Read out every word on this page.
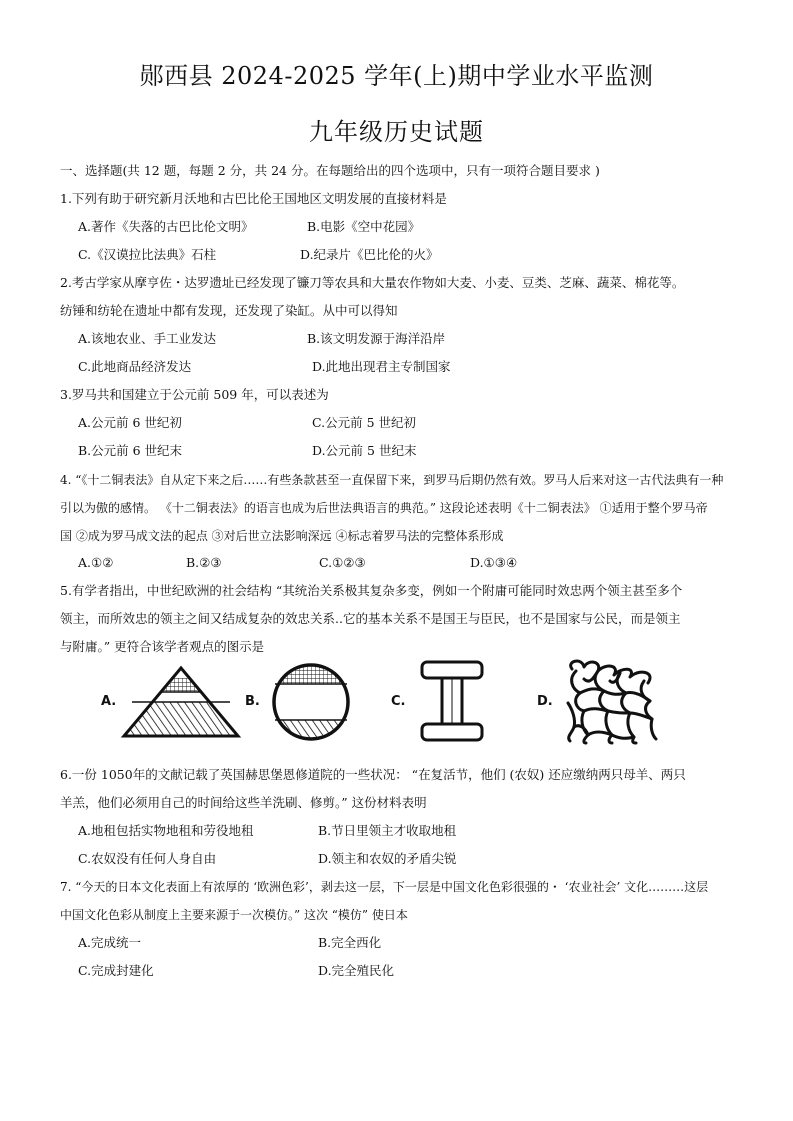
郧西县 2024-2025 学年(上)期中学业水平监测
九年级历史试题
一、选择题(共 12 题，每题 2 分，共 24 分。在每题给出的四个选项中，只有一项符合题目要求 )
1.下列有助于研究新月沃地和古巴比伦王国地区文明发展的直接材料是
A.著作《失落的古巴比伦文明》	B.电影《空中花园》
C.《汉谟拉比法典》石柱	D.纪录片《巴比伦的火》
2.考古学家从摩亨佐・达罗遗址已经发现了镰刀等农具和大量农作物如大麦、小麦、豆类、芝麻、蔬菜、棉花等。
纺锤和纺轮在遗址中都有发现，还发现了染缸。从中可以得知
A.该地农业、手工业发达	B.该文明发源于海洋沿岸
C.此地商品经济发达	D.此地出现君主专制国家
3.罗马共和国建立于公元前 509 年，可以表述为
A.公元前 6 世纪初	C.公元前 5 世纪初
B.公元前 6 世纪末	D.公元前 5 世纪末
4. “《十二铜表法》自从定下来之后……有些条款甚至一直保留下来，到罗马后期仍然有效。罗马人后来对这一古代法典有一种
引以为傲的感情。 《十二铜表法》的语言也成为后世法典语言的典范。” 这段论述表明《十二铜表法》 ①适用于整个罗马帝
国 ②成为罗马成文法的起点 ③对后世立法影响深远 ④标志着罗马法的完整体系形成
A.①②	B.②③	C.①②③	D.①③④
5.有学者指出，中世纪欧洲的社会结构 “其统治关系极其复杂多变，例如一个附庸可能同时效忠两个领主甚至多个
领主，而所效忠的领主之间又结成复杂的效忠关系..它的基本关系不是国王与臣民，也不是国家与公民，而是领主
与附庸。” 更符合该学者观点的图示是
A.	B.	C.	D.
6.一份 1050年的文献记载了英国赫思堡恩修道院的一些状况： “在复活节，他们 (农奴) 还应缴纳两只母羊、两只
羊羔，他们必须用自己的时间给这些羊洗刷、修剪。” 这份材料表明
A.地租包括实物地租和劳役地租	B.节日里领主才收取地租
C.农奴没有任何人身自由	D.领主和农奴的矛盾尖锐
7. “今天的日本文化表面上有浓厚的 ‘欧洲色彩’，剥去这一层，下一层是中国文化色彩很强的・ ‘农业社会’ 文化………这层
中国文化色彩从制度上主要来源于一次模仿。” 这次 “模仿” 使日本
A.完成统一	B.完全西化
C.完成封建化	D.完全殖民化
